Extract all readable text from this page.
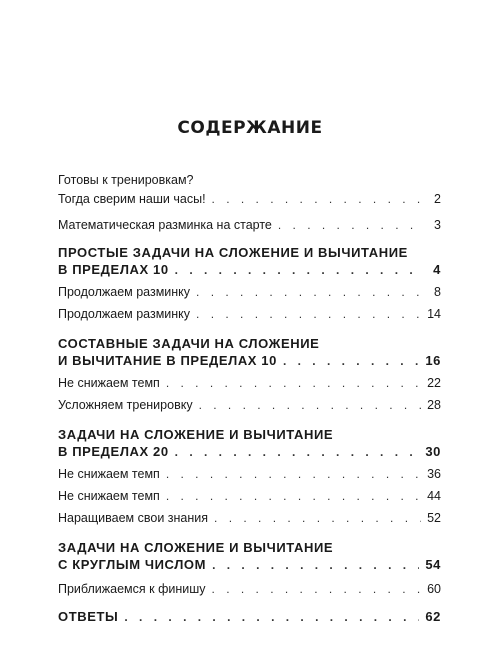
СОДЕРЖАНИЕ
Готовы к тренировкам?
Тогда сверим наши часы! . . .	2
Математическая разминка на старте . . .	3
ПРОСТЫЕ ЗАДАЧИ НА СЛОЖЕНИЕ И ВЫЧИТАНИЕ
В ПРЕДЕЛАХ 10 . . .	4
Продолжаем разминку . . .	8
Продолжаем разминку . . .	14
СОСТАВНЫЕ ЗАДАЧИ НА СЛОЖЕНИЕ
И ВЫЧИТАНИЕ В ПРЕДЕЛАХ 10 . . .	16
Не снижаем темп . . .	22
Усложняем тренировку . . .	28
ЗАДАЧИ НА СЛОЖЕНИЕ И ВЫЧИТАНИЕ
В ПРЕДЕЛАХ 20 . . .	30
Не снижаем темп . . .	36
Не снижаем темп . . .	44
Наращиваем свои знания . . .	52
ЗАДАЧИ НА СЛОЖЕНИЕ И ВЫЧИТАНИЕ
С КРУГЛЫМ ЧИСЛОМ . . .	54
Приближаемся к финишу . . .	60
ОТВЕТЫ . . .	62
